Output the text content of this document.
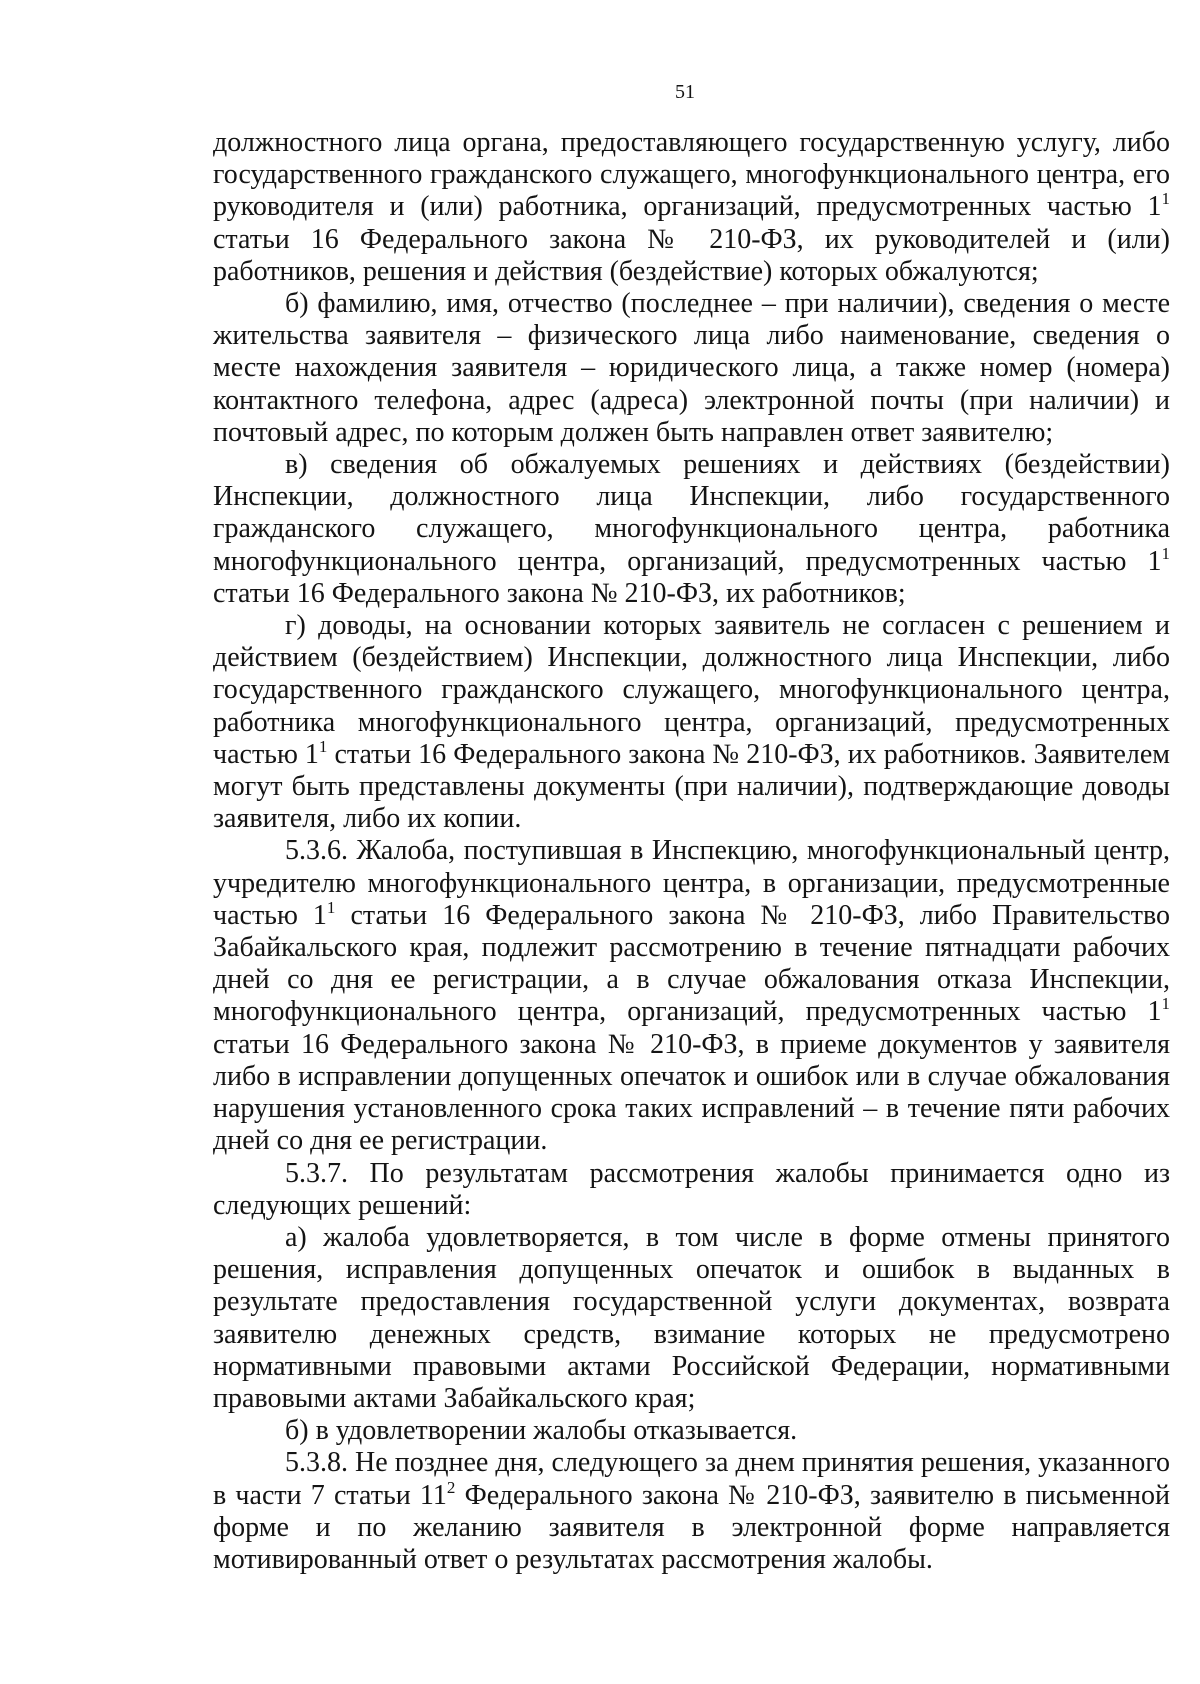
51

должностного лица органа, предоставляющего государственную услугу, либо государственного гражданского служащего, многофункционального центра, его руководителя и (или) работника, организаций, предусмотренных частью $1^1$ статьи 16 Федерального закона № 210-ФЗ, их руководителей и (или) работников, решения и действия (бездействие) которых обжалуются;

б) фамилию, имя, отчество (последнее – при наличии), сведения о месте жительства заявителя – физического лица либо наименование, сведения о месте нахождения заявителя – юридического лица, а также номер (номера) контактного телефона, адрес (адреса) электронной почты (при наличии) и почтовый адрес, по которым должен быть направлен ответ заявителю;

в) сведения об обжалуемых решениях и действиях (бездействии) Инспекции, должностного лица Инспекции, либо государственного гражданского служащего, многофункционального центра, работника многофункционального центра, организаций, предусмотренных частью $1^1$ статьи 16 Федерального закона № 210-ФЗ, их работников;

г) доводы, на основании которых заявитель не согласен с решением и действием (бездействием) Инспекции, должностного лица Инспекции, либо государственного гражданского служащего, многофункционального центра, работника многофункционального центра, организаций, предусмотренных частью $1^1$ статьи 16 Федерального закона № 210-ФЗ, их работников. Заявителем могут быть представлены документы (при наличии), подтверждающие доводы заявителя, либо их копии.

5.3.6. Жалоба, поступившая в Инспекцию, многофункциональный центр, учредителю многофункционального центра, в организации, предусмотренные частью $1^1$ статьи 16 Федерального закона № 210-ФЗ, либо Правительство Забайкальского края, подлежит рассмотрению в течение пятнадцати рабочих дней со дня ее регистрации, а в случае обжалования отказа Инспекции, многофункционального центра, организаций, предусмотренных частью $1^1$ статьи 16 Федерального закона № 210-ФЗ, в приеме документов у заявителя либо в исправлении допущенных опечаток и ошибок или в случае обжалования нарушения установленного срока таких исправлений – в течение пяти рабочих дней со дня ее регистрации.

5.3.7. По результатам рассмотрения жалобы принимается одно из следующих решений:

а) жалоба удовлетворяется, в том числе в форме отмены принятого решения, исправления допущенных опечаток и ошибок в выданных в результате предоставления государственной услуги документах, возврата заявителю денежных средств, взимание которых не предусмотрено нормативными правовыми актами Российской Федерации, нормативными правовыми актами Забайкальского края;

б) в удовлетворении жалобы отказывается.

5.3.8. Не позднее дня, следующего за днем принятия решения, указанного в части 7 статьи $11^2$ Федерального закона № 210-ФЗ, заявителю в письменной форме и по желанию заявителя в электронной форме направляется мотивированный ответ о результатах рассмотрения жалобы.
